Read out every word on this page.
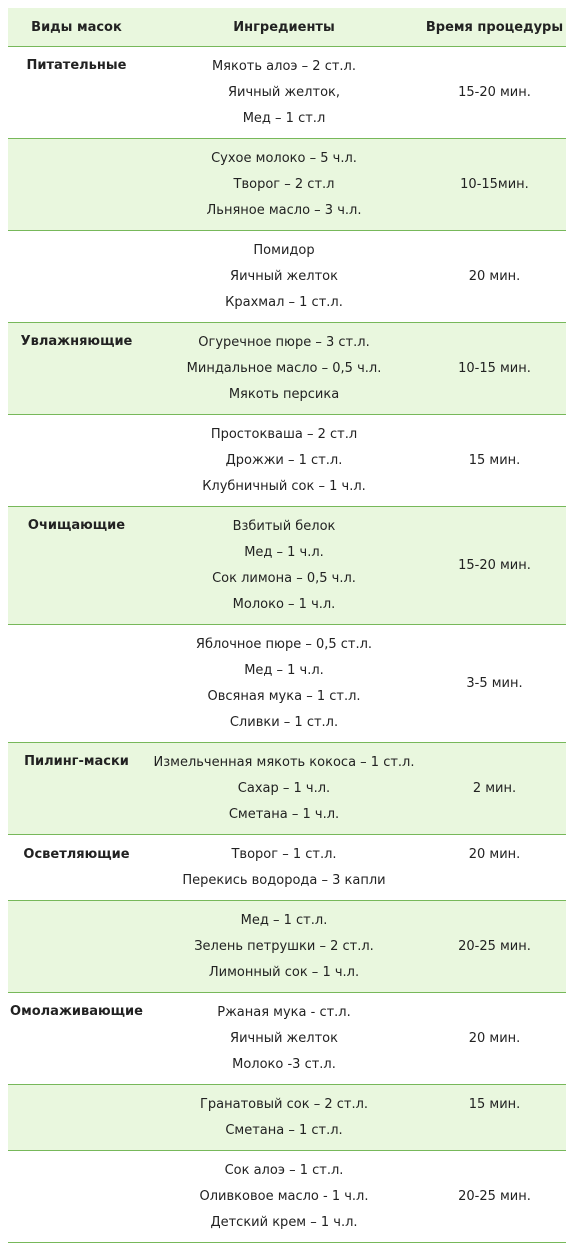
Виды масок	Ингредиенты	Время процедуры
Питательные	Мякоть алоэ – 2 ст.л.
Яичный желток,
Мед – 1 ст.л	15-20 мин.

	Сухое молоко – 5 ч.л.
Творог – 2 ст.л
Льняное масло – 3 ч.л.	10-15мин.

	Помидор
Яичный желток
Крахмал – 1 ст.л.	20 мин.
Увлажняющие	Огуречное пюре – 3 ст.л.
Миндальное масло – 0,5 ч.л.
Мякоть персика	10-15 мин.

	Простокваша – 2 ст.л
Дрожжи – 1 ст.л.
Клубничный сок – 1 ч.л.	15 мин.
Очищающие	Взбитый белок
Мед – 1 ч.л.
Сок лимона – 0,5 ч.л.
Молоко – 1 ч.л.	15-20 мин.

	Яблочное пюре – 0,5 ст.л.
Мед – 1 ч.л.
Овсяная мука – 1 ст.л.
Сливки – 1 ст.л.	3-5 мин.
Пилинг-маски	Измельченная мякоть кокоса – 1 ст.л.
Сахар – 1 ч.л.
Сметана – 1 ч.л.	2 мин.
Осветляющие	Творог – 1 ст.л.
Перекись водорода – 3 капли	20 мин.

	Мед – 1 ст.л.
Зелень петрушки – 2 ст.л.
Лимонный сок – 1 ч.л.	20-25 мин.
Омолаживающие	Ржаная мука - ст.л.
Яичный желток
Молоко -3 ст.л.	20 мин.

	Гранатовый сок – 2 ст.л.
Сметана – 1 ст.л.	15 мин.

	Сок алоэ – 1 ст.л.
Оливковое масло - 1 ч.л.
Детский крем – 1 ч.л.	20-25 мин.
